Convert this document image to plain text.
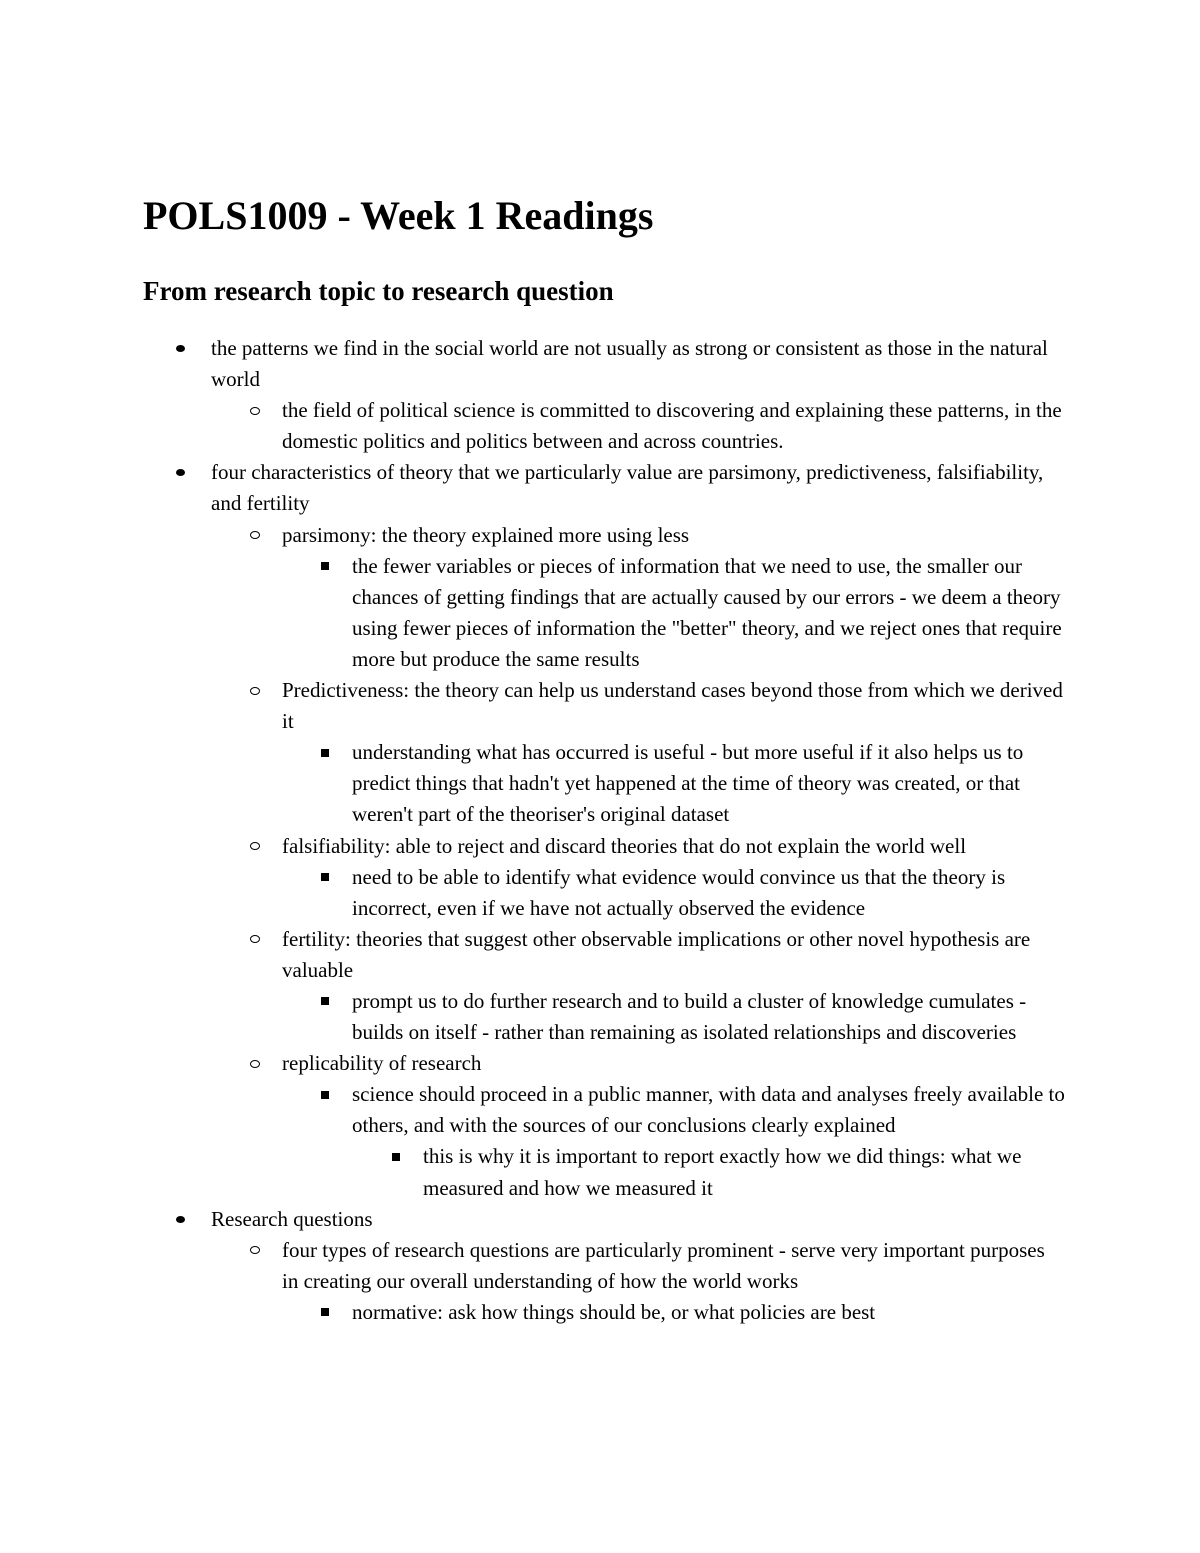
POLS1009 - Week 1 Readings
From research topic to research question
the patterns we find in the social world are not usually as strong or consistent as those in the natural world
the field of political science is committed to discovering and explaining these patterns, in the domestic politics and politics between and across countries.
four characteristics of theory that we particularly value are parsimony, predictiveness, falsifiability, and fertility
parsimony: the theory explained more using less
the fewer variables or pieces of information that we need to use, the smaller our chances of getting findings that are actually caused by our errors - we deem a theory using fewer pieces of information the "better" theory, and we reject ones that require more but produce the same results
Predictiveness: the theory can help us understand cases beyond those from which we derived it
understanding what has occurred is useful - but more useful if it also helps us to predict things that hadn't yet happened at the time of theory was created, or that weren't part of the theoriser's original dataset
falsifiability: able to reject and discard theories that do not explain the world well
need to be able to identify what evidence would convince us that the theory is incorrect, even if we have not actually observed the evidence
fertility: theories that suggest other observable implications or other novel hypothesis are valuable
prompt us to do further research and to build a cluster of knowledge cumulates - builds on itself - rather than remaining as isolated relationships and discoveries
replicability of research
science should proceed in a public manner, with data and analyses freely available to others, and with the sources of our conclusions clearly explained
this is why it is important to report exactly how we did things: what we measured and how we measured it
Research questions
four types of research questions are particularly prominent - serve very important purposes in creating our overall understanding of how the world works
normative: ask how things should be, or what policies are best
